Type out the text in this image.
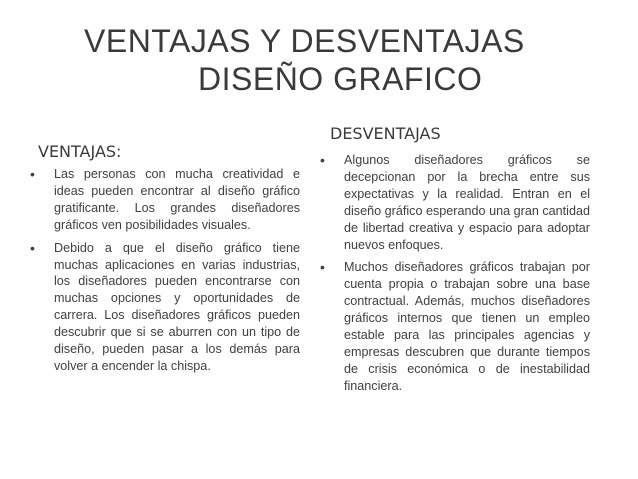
VENTAJAS Y DESVENTAJAS
DISEÑO GRAFICO
VENTAJAS:
• Las personas con mucha creatividad e ideas pueden encontrar al diseño gráfico gratificante. Los grandes diseñadores gráficos ven posibilidades visuales.
• Debido a que el diseño gráfico tiene muchas aplicaciones en varias industrias, los diseñadores pueden encontrarse con muchas opciones y oportunidades de carrera. Los diseñadores gráficos pueden descubrir que si se aburren con un tipo de diseño, pueden pasar a los demás para volver a encender la chispa.
DESVENTAJAS
• Algunos diseñadores gráficos se decepcionan por la brecha entre sus expectativas y la realidad. Entran en el diseño gráfico esperando una gran cantidad de libertad creativa y espacio para adoptar nuevos enfoques.
• Muchos diseñadores gráficos trabajan por cuenta propia o trabajan sobre una base contractual. Además, muchos diseñadores gráficos internos que tienen un empleo estable para las principales agencias y empresas descubren que durante tiempos de crisis económica o de inestabilidad financiera.
